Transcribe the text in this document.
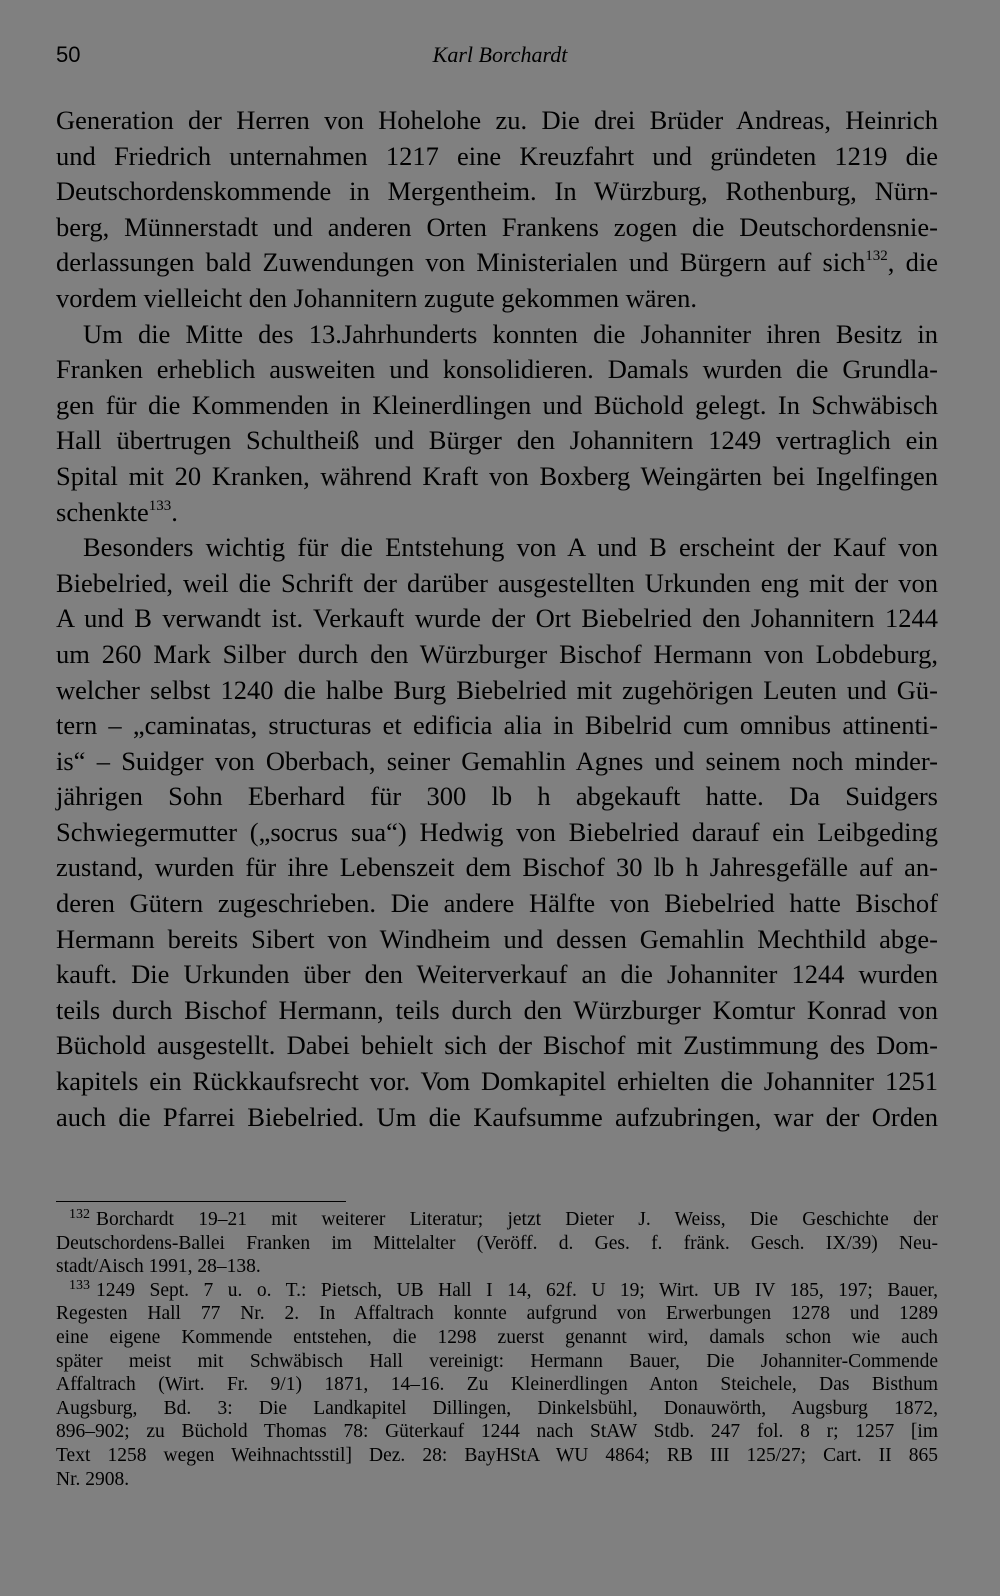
50	Karl Borchardt
Generation der Herren von Hohelohe zu. Die drei Brüder Andreas, Heinrich
und Friedrich unternahmen 1217 eine Kreuzfahrt und gründeten 1219 die
Deutschordenskommende in Mergentheim. In Würzburg, Rothenburg, Nürn-
berg, Münnerstadt und anderen Orten Frankens zogen die Deutschordensnie-
derlassungen bald Zuwendungen von Ministerialen und Bürgern auf sich$^{132}$, die
vordem vielleicht den Johannitern zugute gekommen wären.
Um die Mitte des 13.Jahrhunderts konnten die Johanniter ihren Besitz in
Franken erheblich ausweiten und konsolidieren. Damals wurden die Grundla-
gen für die Kommenden in Kleinerdlingen und Büchold gelegt. In Schwäbisch
Hall übertrugen Schultheiß und Bürger den Johannitern 1249 vertraglich ein
Spital mit 20 Kranken, während Kraft von Boxberg Weingärten bei Ingelfingen
schenkte$^{133}$.
Besonders wichtig für die Entstehung von A und B erscheint der Kauf von
Biebelried, weil die Schrift der darüber ausgestellten Urkunden eng mit der von
A und B verwandt ist. Verkauft wurde der Ort Biebelried den Johannitern 1244
um 260 Mark Silber durch den Würzburger Bischof Hermann von Lobdeburg,
welcher selbst 1240 die halbe Burg Biebelried mit zugehörigen Leuten und Gü-
tern – „caminatas, structuras et edificia alia in Bibelrid cum omnibus attinenti-
is“ – Suidger von Oberbach, seiner Gemahlin Agnes und seinem noch minder-
jährigen Sohn Eberhard für 300 lb h abgekauft hatte. Da Suidgers
Schwiegermutter („socrus sua“) Hedwig von Biebelried darauf ein Leibgeding
zustand, wurden für ihre Lebenszeit dem Bischof 30 lb h Jahresgefälle auf an-
deren Gütern zugeschrieben. Die andere Hälfte von Biebelried hatte Bischof
Hermann bereits Sibert von Windheim und dessen Gemahlin Mechthild abge-
kauft. Die Urkunden über den Weiterverkauf an die Johanniter 1244 wurden
teils durch Bischof Hermann, teils durch den Würzburger Komtur Konrad von
Büchold ausgestellt. Dabei behielt sich der Bischof mit Zustimmung des Dom-
kapitels ein Rückkaufsrecht vor. Vom Domkapitel erhielten die Johanniter 1251
auch die Pfarrei Biebelried. Um die Kaufsumme aufzubringen, war der Orden
$^{132}$ Borchardt 19–21 mit weiterer Literatur; jetzt Dieter J. Weiss, Die Geschichte der
Deutschordens-Ballei Franken im Mittelalter (Veröff. d. Ges. f. fränk. Gesch. IX/39) Neu-
stadt/Aisch 1991, 28–138.
$^{133}$ 1249 Sept. 7 u. o. T.: Pietsch, UB Hall I 14, 62f. U 19; Wirt. UB IV 185, 197; Bauer,
Regesten Hall 77 Nr. 2. In Affaltrach konnte aufgrund von Erwerbungen 1278 und 1289
eine eigene Kommende entstehen, die 1298 zuerst genannt wird, damals schon wie auch
später meist mit Schwäbisch Hall vereinigt: Hermann Bauer, Die Johanniter-Commende
Affaltrach (Wirt. Fr. 9/1) 1871, 14–16. Zu Kleinerdlingen Anton Steichele, Das Bisthum
Augsburg, Bd. 3: Die Landkapitel Dillingen, Dinkelsbühl, Donauwörth, Augsburg 1872,
896–902; zu Büchold Thomas 78: Güterkauf 1244 nach StAW Stdb. 247 fol. 8 r; 1257 [im
Text 1258 wegen Weihnachtsstil] Dez. 28: BayHStA WU 4864; RB III 125/27; Cart. II 865
Nr. 2908.
